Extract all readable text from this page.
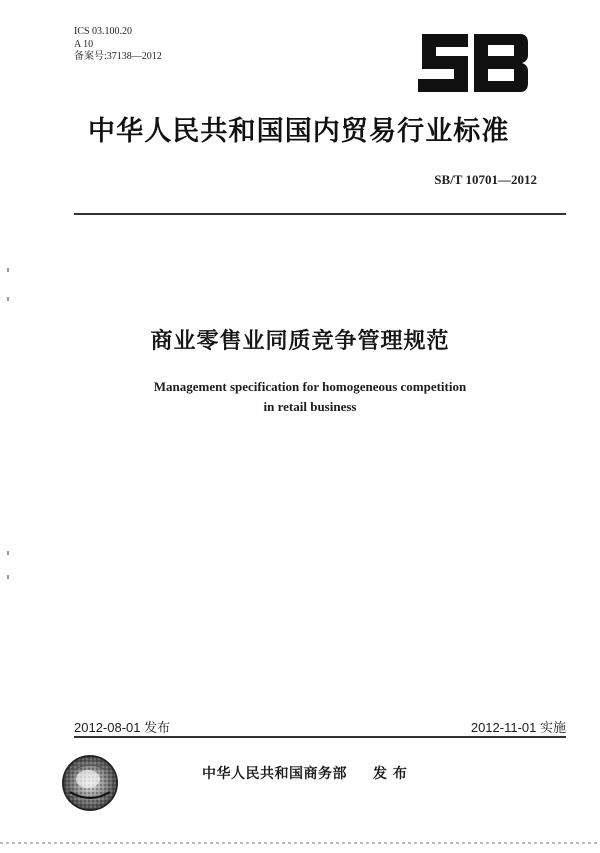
ICS 03.100.20
A 10
备案号:37138—2012
中华人民共和国国内贸易行业标准
SB/T 10701—2012
商业零售业同质竞争管理规范
Management specification for homogeneous competition
in retail business
2012-08-01 发布	2012-11-01 实施
中华人民共和国商务部 发 布
